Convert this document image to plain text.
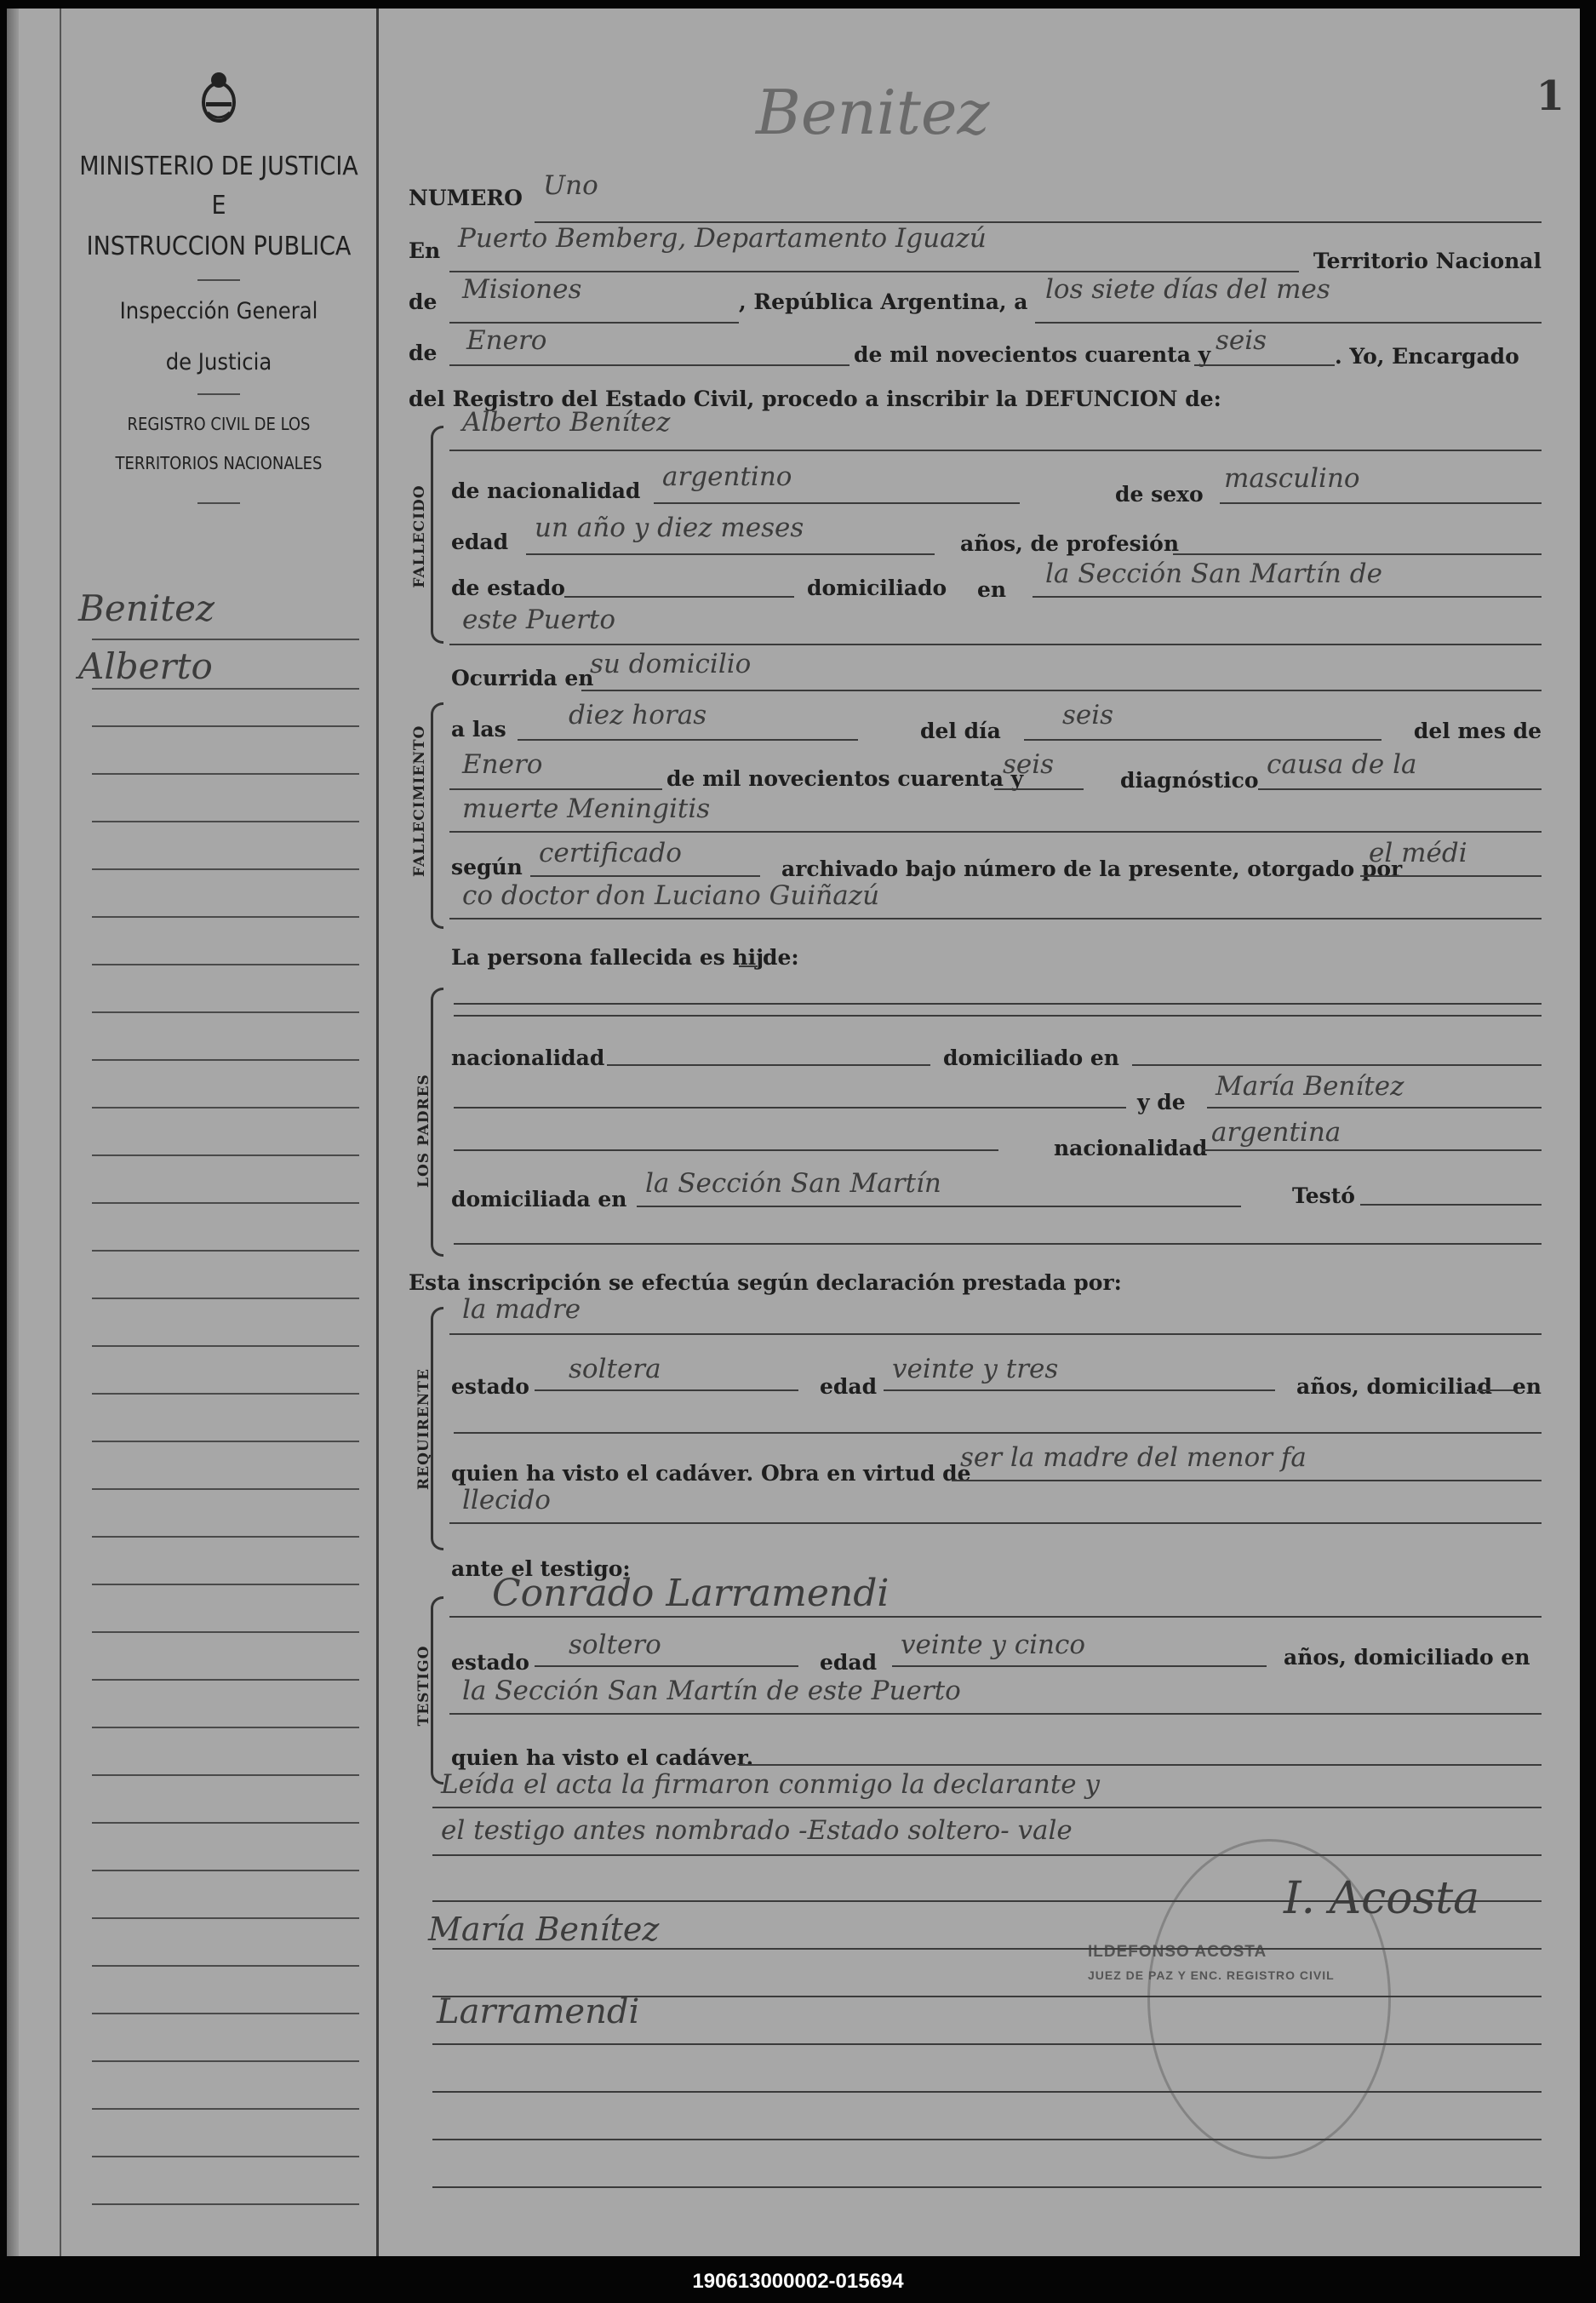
MINISTERIO DE JUSTICIA
E
INSTRUCCION PUBLICA
Inspección General
de Justicia
REGISTRO CIVIL DE LOS
TERRITORIOS NACIONALES
Benitez
Alberto
1
Benitez
NUMERO Uno
En Puerto Bemberg, Departamento Iguazú
Territorio Nacional
de Misiones	, República Argentina, a los siete días del mes
de Enero	de mil novecientos cuarenta y seis
. Yo, Encargado
del Registro del Estado Civil, procedo a inscribir la DEFUNCION de:
FALLECIDO
Alberto Benítez
de nacionalidad argentino
de sexo
masculino
edad un año y diez meses
años, de profesión
de estado	domiciliado en
la Sección San Martín de
este Puerto
Ocurrida en
su domicilio
FALLECIMIENTO a las diez horas
del día
seis
del mes de
Enero	de mil novecientos cuarenta y
seis
diagnóstico
causa de la
muerte Meningitis
según certificado
archivado bajo número de la presente, otorgado por
el médi
co doctor don Luciano Guiñazú
La persona fallecida es hij
de:
LOS PADRES
nacionalidad	domiciliado en
y de
María Benítez
nacionalidad
argentina
domiciliada en
la Sección San Martín	Testó
Esta inscripción se efectúa según declaración prestada por:
REQUIRENTE
la madre
estado
soltera
edad
veinte y tres
años, domiciliad en
quien ha visto el cadáver. Obra en virtud de
ser la madre del menor fa
llecido
ante el testigo:
TESTIGO
Conrado Larramendi
estado
soltero
edad
veinte y cinco	años, domiciliado en
la Sección San Martín de este Puerto
quien ha visto el cadáver.
Leída el acta la firmaron conmigo la declarante y
el testigo antes nombrado -Estado soltero- vale
ILDEFONSO ACOSTA
JUEZ DE PAZ Y ENC. REGISTRO CIVIL
I. Acosta
María Benítez
Larramendi
190613000002-015694
